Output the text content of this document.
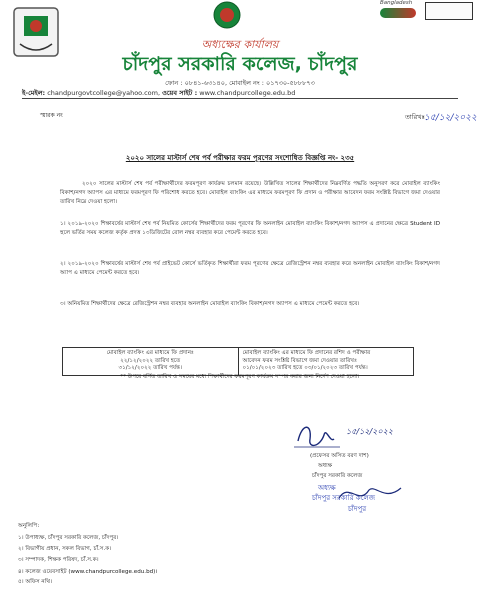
Bangladesh
অধ্যক্ষের কার্যালয়
চাঁদপুর সরকারি কলেজ, চাঁদপুর
ফোন : ০৮৪১-৬৩১৪০, মোবাইল নং : ০১৭৩০-৫৮৮৮৭৩
ই-মেইল: chandpurgovtcollege@yahoo.com, ওয়েব সাইট : www.chandpurcollege.edu.bd
স্মারক নং	তারিখঃ ১৫/১২/২০২২
২০২০ সালের মাস্টার্স শেষ পর্ব পরীক্ষার ফরম পূরণের সংশোধিত বিজ্ঞপ্তি নং- ২৩৫
২০২০ সালের মাস্টার্স শেষ পর্ব পরীক্ষার্থীদের ফরমপূরণ কার্যক্রম চলমান রয়েছে। উল্লিখিত সালের শিক্ষার্থীদের নিম্নবর্ণিত পদ্ধতি অনুসরণ করে মোবাইল ব্যাংকিং বিকাশ/নগদ অ্যাপস এর মাধ্যমে ফরমপূরণ ফি পরিশোধ করতে হবে। মোবাইল ব্যাংকিং এর মাধ্যমে ফরমপূরণ ফি প্রদান ও পরীক্ষার আবেদন ফরম সংশ্লিষ্ট বিভাগে জমা দেওয়ার তারিখ নিম্নে দেওয়া হলো।
১। ২০১৯-২০২০ শিক্ষাবর্ষের মাস্টার্স শেষ পর্ব নিয়মিত কোর্সের শিক্ষার্থীদের ফরম পূরণের ফি অনলাইন মোবাইল ব্যাংকিং বিকাশ/নগদ অ্যাপস এ প্রদানের ক্ষেত্রে Student ID হুলে ভর্তির সময় কলেজ কর্তৃক প্রদত্ত ১৩ডিজিটের রোল নম্বর ব্যবহার করে পেমেন্ট করতে হবে।
২। ২০১৯-২০২০ শিক্ষাবর্ষের মাস্টার্স শেষ পর্ব প্রাইভেট কোর্সে ভর্তিকৃত শিক্ষার্থীরা ফরম পূরণের ক্ষেত্রে রেজিস্ট্রেশন নম্বর ব্যবহার করে অনলাইন মোবাইল ব্যাংকিং বিকাশ/নগদ অ্যাপ এ মাধ্যমে পেমেন্ট করতে হবে।
৩। অনিয়মিত শিক্ষার্থীদের ক্ষেত্রে রেজিস্ট্রেশন নম্বর ব্যবহার অনলাইন মোবাইল ব্যাংকিং বিকাশ/নগদ অ্যাপস এ মাধ্যমে পেমেন্ট করতে হবে।
মোবাইল ব্যাংকিং এর মাধ্যমে ফি প্রদানঃ
২২/১২/২০২২ তারিখ হতে
৩১/১২/২০২২ তারিখ পর্যন্ত।

মোবাইল ব্যাংকিং এর মাধ্যমে ফি প্রদানের রশিদ ও পরীক্ষার
আবেদন ফরম সংশ্লিষ্ট বিভাগে জমা দেওয়ার তারিখঃ
০১/০১/২০২৩ তারিখ হতে ০৩/০১/২০২৩ তারিখ পর্যন্ত।
** উপরে বর্ণিত তারিখ ও সময়ের মধ্যে শিক্ষার্থীদের ফরমপূরণ কার্যক্রম সম্পন্ন করার জন্য নির্দেশ দেওয়া হলো।
১৫/১২/২০২২
(প্রফেসর অসিত বরণ দাশ)
অধ্যক্ষ
চাঁদপুর সরকারি কলেজ
অধ্যক্ষ
চাঁদপুর সরকারি কলেজ
চাঁদপুর
অনুলিপি:
১। উপাধ্যক্ষ, চাঁদপুর সরকারি কলেজ, চাঁদপুর।
২। বিভাগীয় প্রধান, সকল বিভাগ, চাঁ.স.ক।
৩। সম্পাদক, শিক্ষক পরিষদ, চাঁ.স.ক।
৪। কলেজ ওয়েবসাইট (www.chandpurcollege.edu.bd)।
৫। অফিস নথি।
